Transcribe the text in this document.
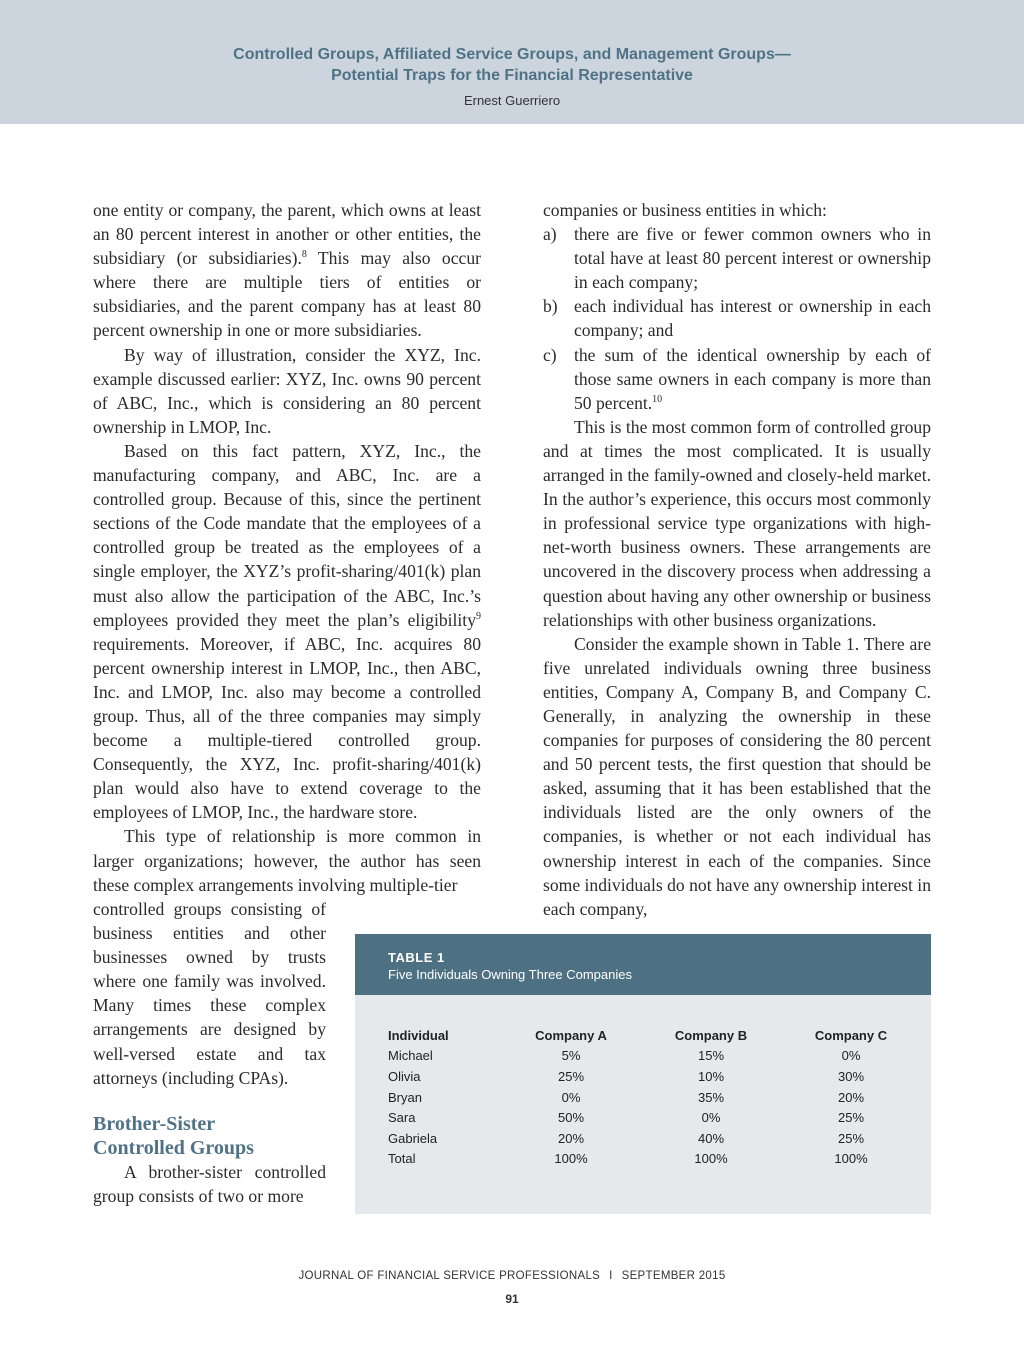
Controlled Groups, Affiliated Service Groups, and Management Groups—
Potential Traps for the Financial Representative
Ernest Guerriero

one entity or company, the parent, which owns at least an 80 percent interest in another or other entities, the subsidiary (or subsidiaries).$^8$ This may also occur where there are multiple tiers of entities or subsidiaries, and the parent company has at least 80 percent ownership in one or more subsidiaries.

By way of illustration, consider the XYZ, Inc. example discussed earlier: XYZ, Inc. owns 90 percent of ABC, Inc., which is considering an 80 percent ownership in LMOP, Inc.

Based on this fact pattern, XYZ, Inc., the manufacturing company, and ABC, Inc. are a controlled group. Because of this, since the pertinent sections of the Code mandate that the employees of a controlled group be treated as the employees of a single employer, the XYZ’s profit-sharing/401(k) plan must also allow the participation of the ABC, Inc.’s employees provided they meet the plan’s eligibility$^9$ requirements. Moreover, if ABC, Inc. acquires 80 percent ownership interest in LMOP, Inc., then ABC, Inc. and LMOP, Inc. also may become a controlled group. Thus, all of the three companies may simply become a multiple-tiered controlled group. Consequently, the XYZ, Inc. profit-sharing/401(k) plan would also have to extend coverage to the employees of LMOP, Inc., the hardware store.

This type of relationship is more common in larger organizations; however, the author has seen these complex arrangements involving multiple-tier

controlled groups consisting of business entities and other businesses owned by trusts where one family was involved. Many times these complex arrangements are designed by well-versed estate and tax attorneys (including CPAs).

Brother-Sister
Controlled Groups

A brother-sister controlled group consists of two or more

companies or business entities in which:

a) there are five or fewer common owners who in total have at least 80 percent interest or ownership in each company;
b) each individual has interest or ownership in each company; and
c) the sum of the identical ownership by each of those same owners in each company is more than 50 percent.$^{10}$

This is the most common form of controlled group and at times the most complicated. It is usually arranged in the family-owned and closely-held market. In the author’s experience, this occurs most commonly in professional service type organizations with high-net-worth business owners. These arrangements are uncovered in the discovery process when addressing a question about having any other ownership or business relationships with other business organizations.

Consider the example shown in Table 1. There are five unrelated individuals owning three business entities, Company A, Company B, and Company C. Generally, in analyzing the ownership in these companies for purposes of considering the 80 percent and 50 percent tests, the first question that should be asked, assuming that it has been established that the individuals listed are the only owners of the companies, is whether or not each individual has ownership interest in each of the companies. Since some individuals do not have any ownership interest in each company,

TABLE 1
Five Individuals Owning Three Companies
Individual	Company A	Company B	Company C
Michael	5%	15%	0%
Olivia	25%	10%	30%
Bryan	0%	35%	20%
Sara	50%	0%	25%
Gabriela	20%	40%	25%
Total	100%	100%	100%
JOURNAL OF FINANCIAL SERVICE PROFESSIONALS I SEPTEMBER 2015
91
